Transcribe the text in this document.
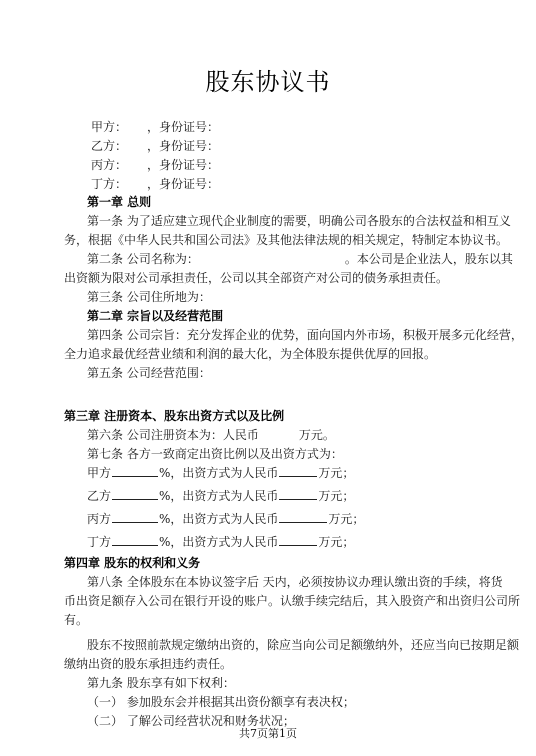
股东协议书
甲方： ，身份证号：
乙方： ，身份证号：
丙方： ，身份证号：
丁方： ，身份证号：
第一章 总则
第一条 为了适应建立现代企业制度的需要，明确公司各股东的合法权益和相互义
务，根据《中华人民共和国公司法》及其他法律法规的相关规定，特制定本协议书。
第二条 公司名称为：	。本公司是企业法人，股东以其
出资额为限对公司承担责任，公司以其全部资产对公司的债务承担责任。
第三条 公司住所地为：
第二章 宗旨以及经营范围
第四条 公司宗旨：充分发挥企业的优势，面向国内外市场，积极开展多元化经营，
全力追求最优经营业绩和利润的最大化，为全体股东提供优厚的回报。
第五条 公司经营范围：
第三章 注册资本、股东出资方式以及比例
第六条 公司注册资本为：人民币	万元。
第七条 各方一致商定出资比例以及出资方式为：
甲方	%，出资方式为人民币	万元；
乙方	%，出资方式为人民币	万元；
丙方	%，出资方式为人民币	万元；
丁方	%，出资方式为人民币	万元；
第四章 股东的权利和义务
第八条 全体股东在本协议签字后 天内，必须按协议办理认缴出资的手续，将货
币出资足额存入公司在银行开设的账户。认缴手续完结后，其入股资产和出资归公司所
有。
股东不按照前款规定缴纳出资的，除应当向公司足额缴纳外，还应当向已按期足额
缴纳出资的股东承担违约责任。
第九条 股东享有如下权利：
（一） 参加股东会并根据其出资份额享有表决权；
（二） 了解公司经营状况和财务状况；
共7页第1页
